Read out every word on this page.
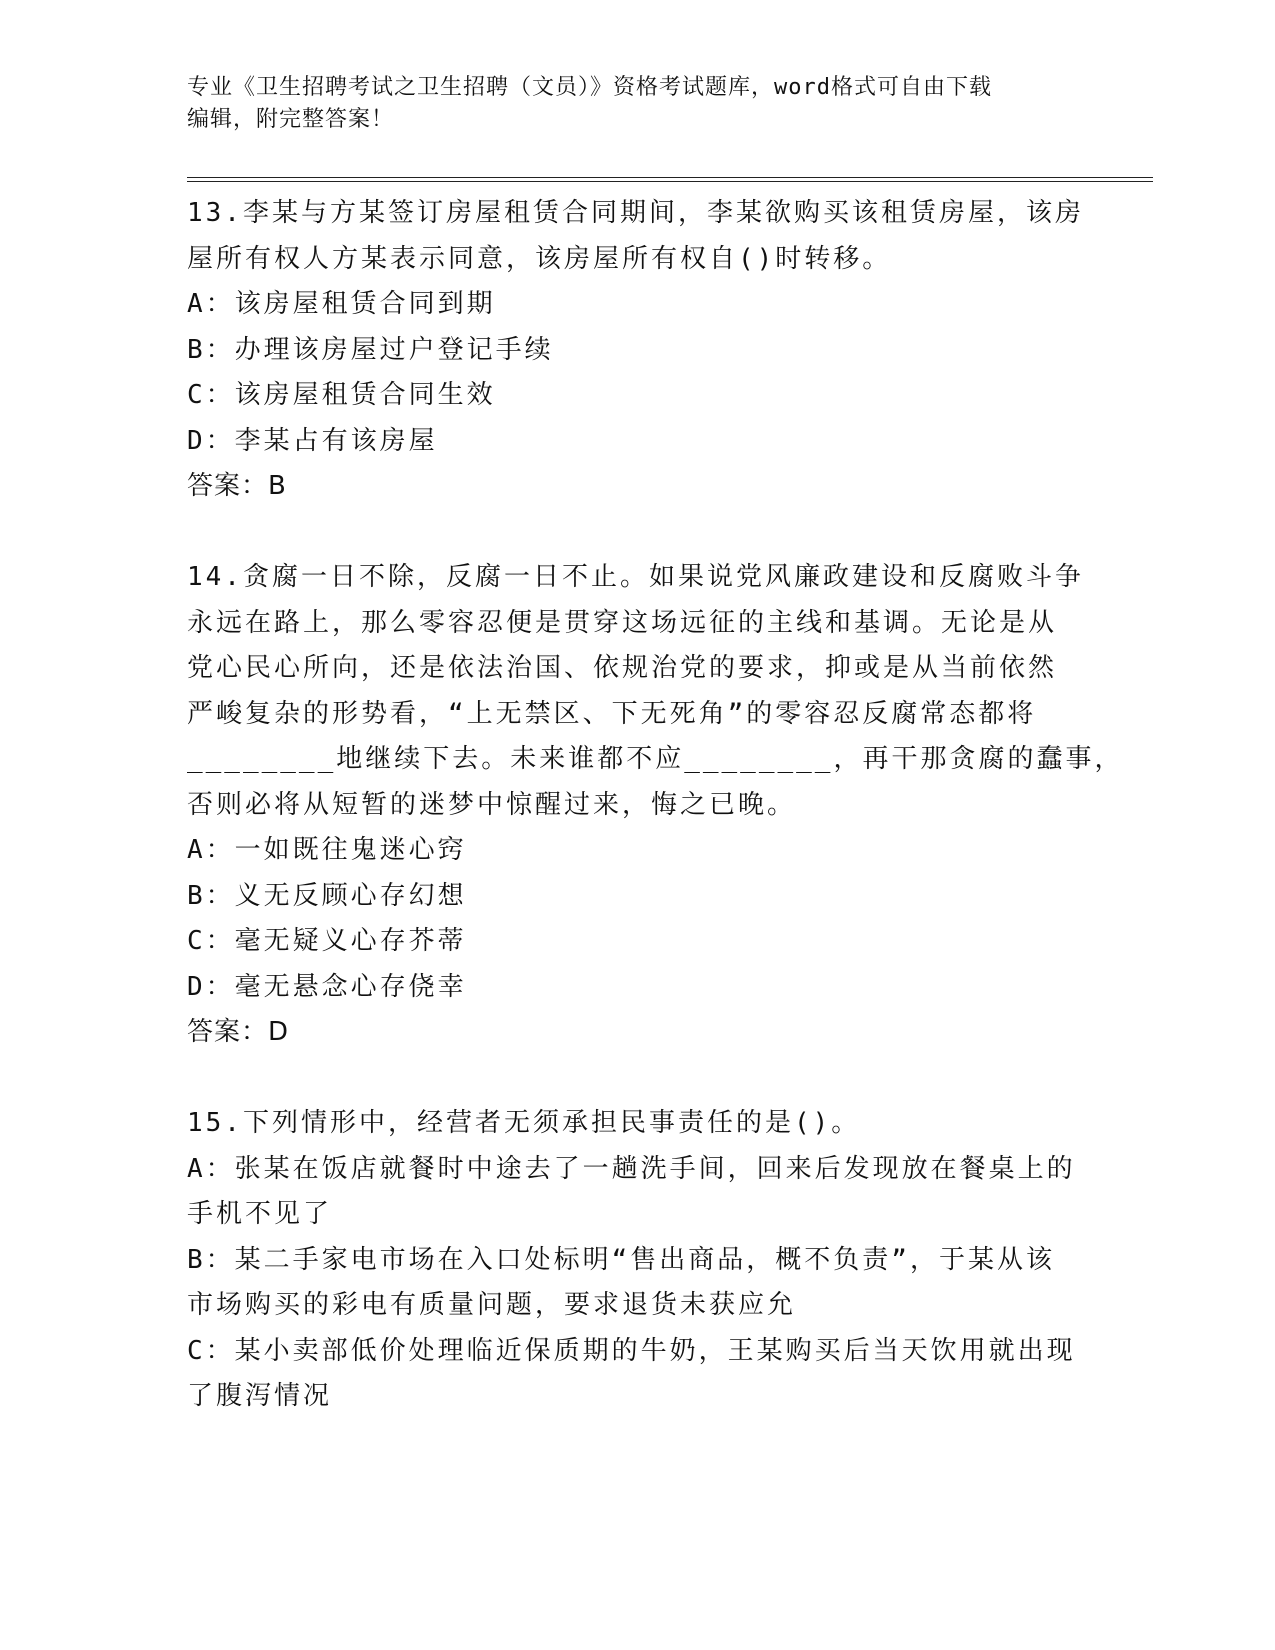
专业《卫生招聘考试之卫生招聘（文员）》资格考试题库，word格式可自由下载
编辑，附完整答案！
13.李某与方某签订房屋租赁合同期间，李某欲购买该租赁房屋，该房
屋所有权人方某表示同意，该房屋所有权自()时转移。
A：该房屋租赁合同到期
B：办理该房屋过户登记手续
C：该房屋租赁合同生效
D：李某占有该房屋
答案：B
14.贪腐一日不除，反腐一日不止。如果说党风廉政建设和反腐败斗争
永远在路上，那么零容忍便是贯穿这场远征的主线和基调。无论是从
党心民心所向，还是依法治国、依规治党的要求，抑或是从当前依然
严峻复杂的形势看，“上无禁区、下无死角”的零容忍反腐常态都将
________地继续下去。未来谁都不应________，再干那贪腐的蠢事，
否则必将从短暂的迷梦中惊醒过来，悔之已晚。
A：一如既往鬼迷心窍
B：义无反顾心存幻想
C：毫无疑义心存芥蒂
D：毫无悬念心存侥幸
答案：D
15.下列情形中，经营者无须承担民事责任的是()。
A：张某在饭店就餐时中途去了一趟洗手间，回来后发现放在餐桌上的
手机不见了
B：某二手家电市场在入口处标明“售出商品，概不负责”，于某从该
市场购买的彩电有质量问题，要求退货未获应允
C：某小卖部低价处理临近保质期的牛奶，王某购买后当天饮用就出现
了腹泻情况
